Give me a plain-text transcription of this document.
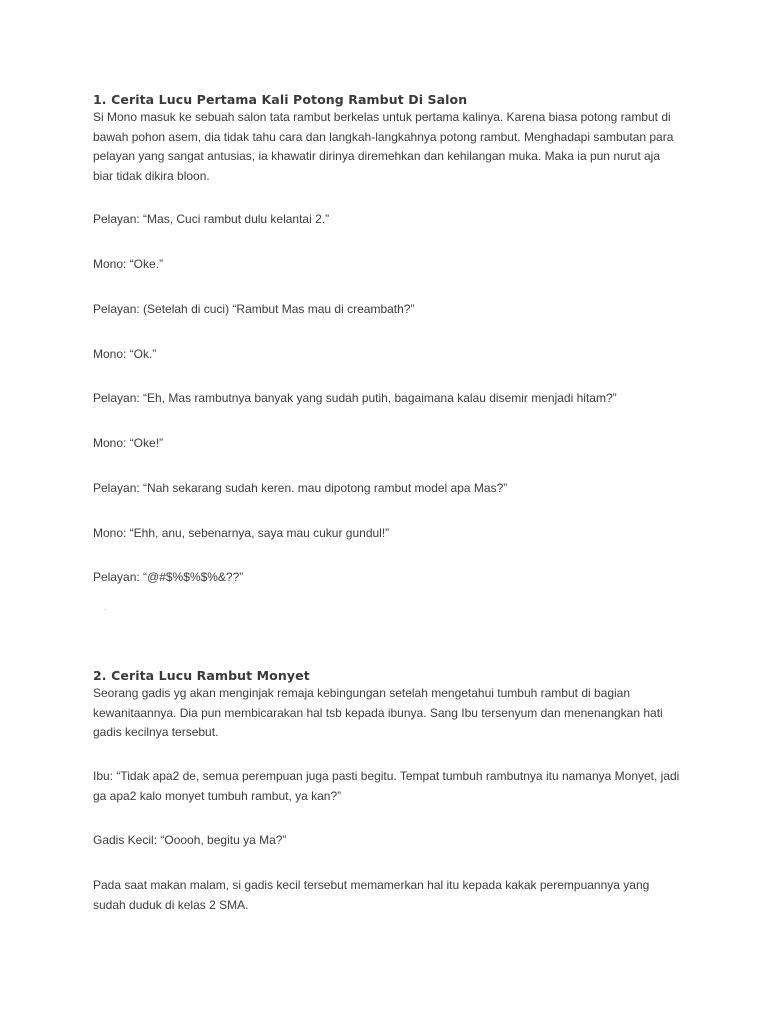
1. Cerita Lucu Pertama Kali Potong Rambut Di Salon

Si Mono masuk ke sebuah salon tata rambut berkelas untuk pertama kalinya. Karena biasa potong rambut di bawah pohon asem, dia tidak tahu cara dan langkah-langkahnya potong rambut. Menghadapi sambutan para pelayan yang sangat antusias, ia khawatir dirinya diremehkan dan kehilangan muka. Maka ia pun nurut aja biar tidak dikira bloon.

Pelayan: “Mas, Cuci rambut dulu kelantai 2.”

Mono: “Oke.”

Pelayan: (Setelah di cuci) “Rambut Mas mau di creambath?”

Mono: “Ok.”

Pelayan: “Eh, Mas rambutnya banyak yang sudah putih, bagaimana kalau disemir menjadi hitam?”

Mono: “Oke!”

Pelayan: “Nah sekarang sudah keren. mau dipotong rambut model apa Mas?”

Mono: “Ehh, anu, sebenarnya, saya mau cukur gundul!”

Pelayan: “@#$%$%$%&??”

2. Cerita Lucu Rambut Monyet

Seorang gadis yg akan menginjak remaja kebingungan setelah mengetahui tumbuh rambut di bagian kewanitaannya. Dia pun membicarakan hal tsb kepada ibunya. Sang Ibu tersenyum dan menenangkan hati gadis kecilnya tersebut.

Ibu: “Tidak apa2 de, semua perempuan juga pasti begitu. Tempat tumbuh rambutnya itu namanya Monyet, jadi ga apa2 kalo monyet tumbuh rambut, ya kan?”

Gadis Kecil: “Ooooh, begitu ya Ma?”

Pada saat makan malam, si gadis kecil tersebut memamerkan hal itu kepada kakak perempuannya yang sudah duduk di kelas 2 SMA.

.
